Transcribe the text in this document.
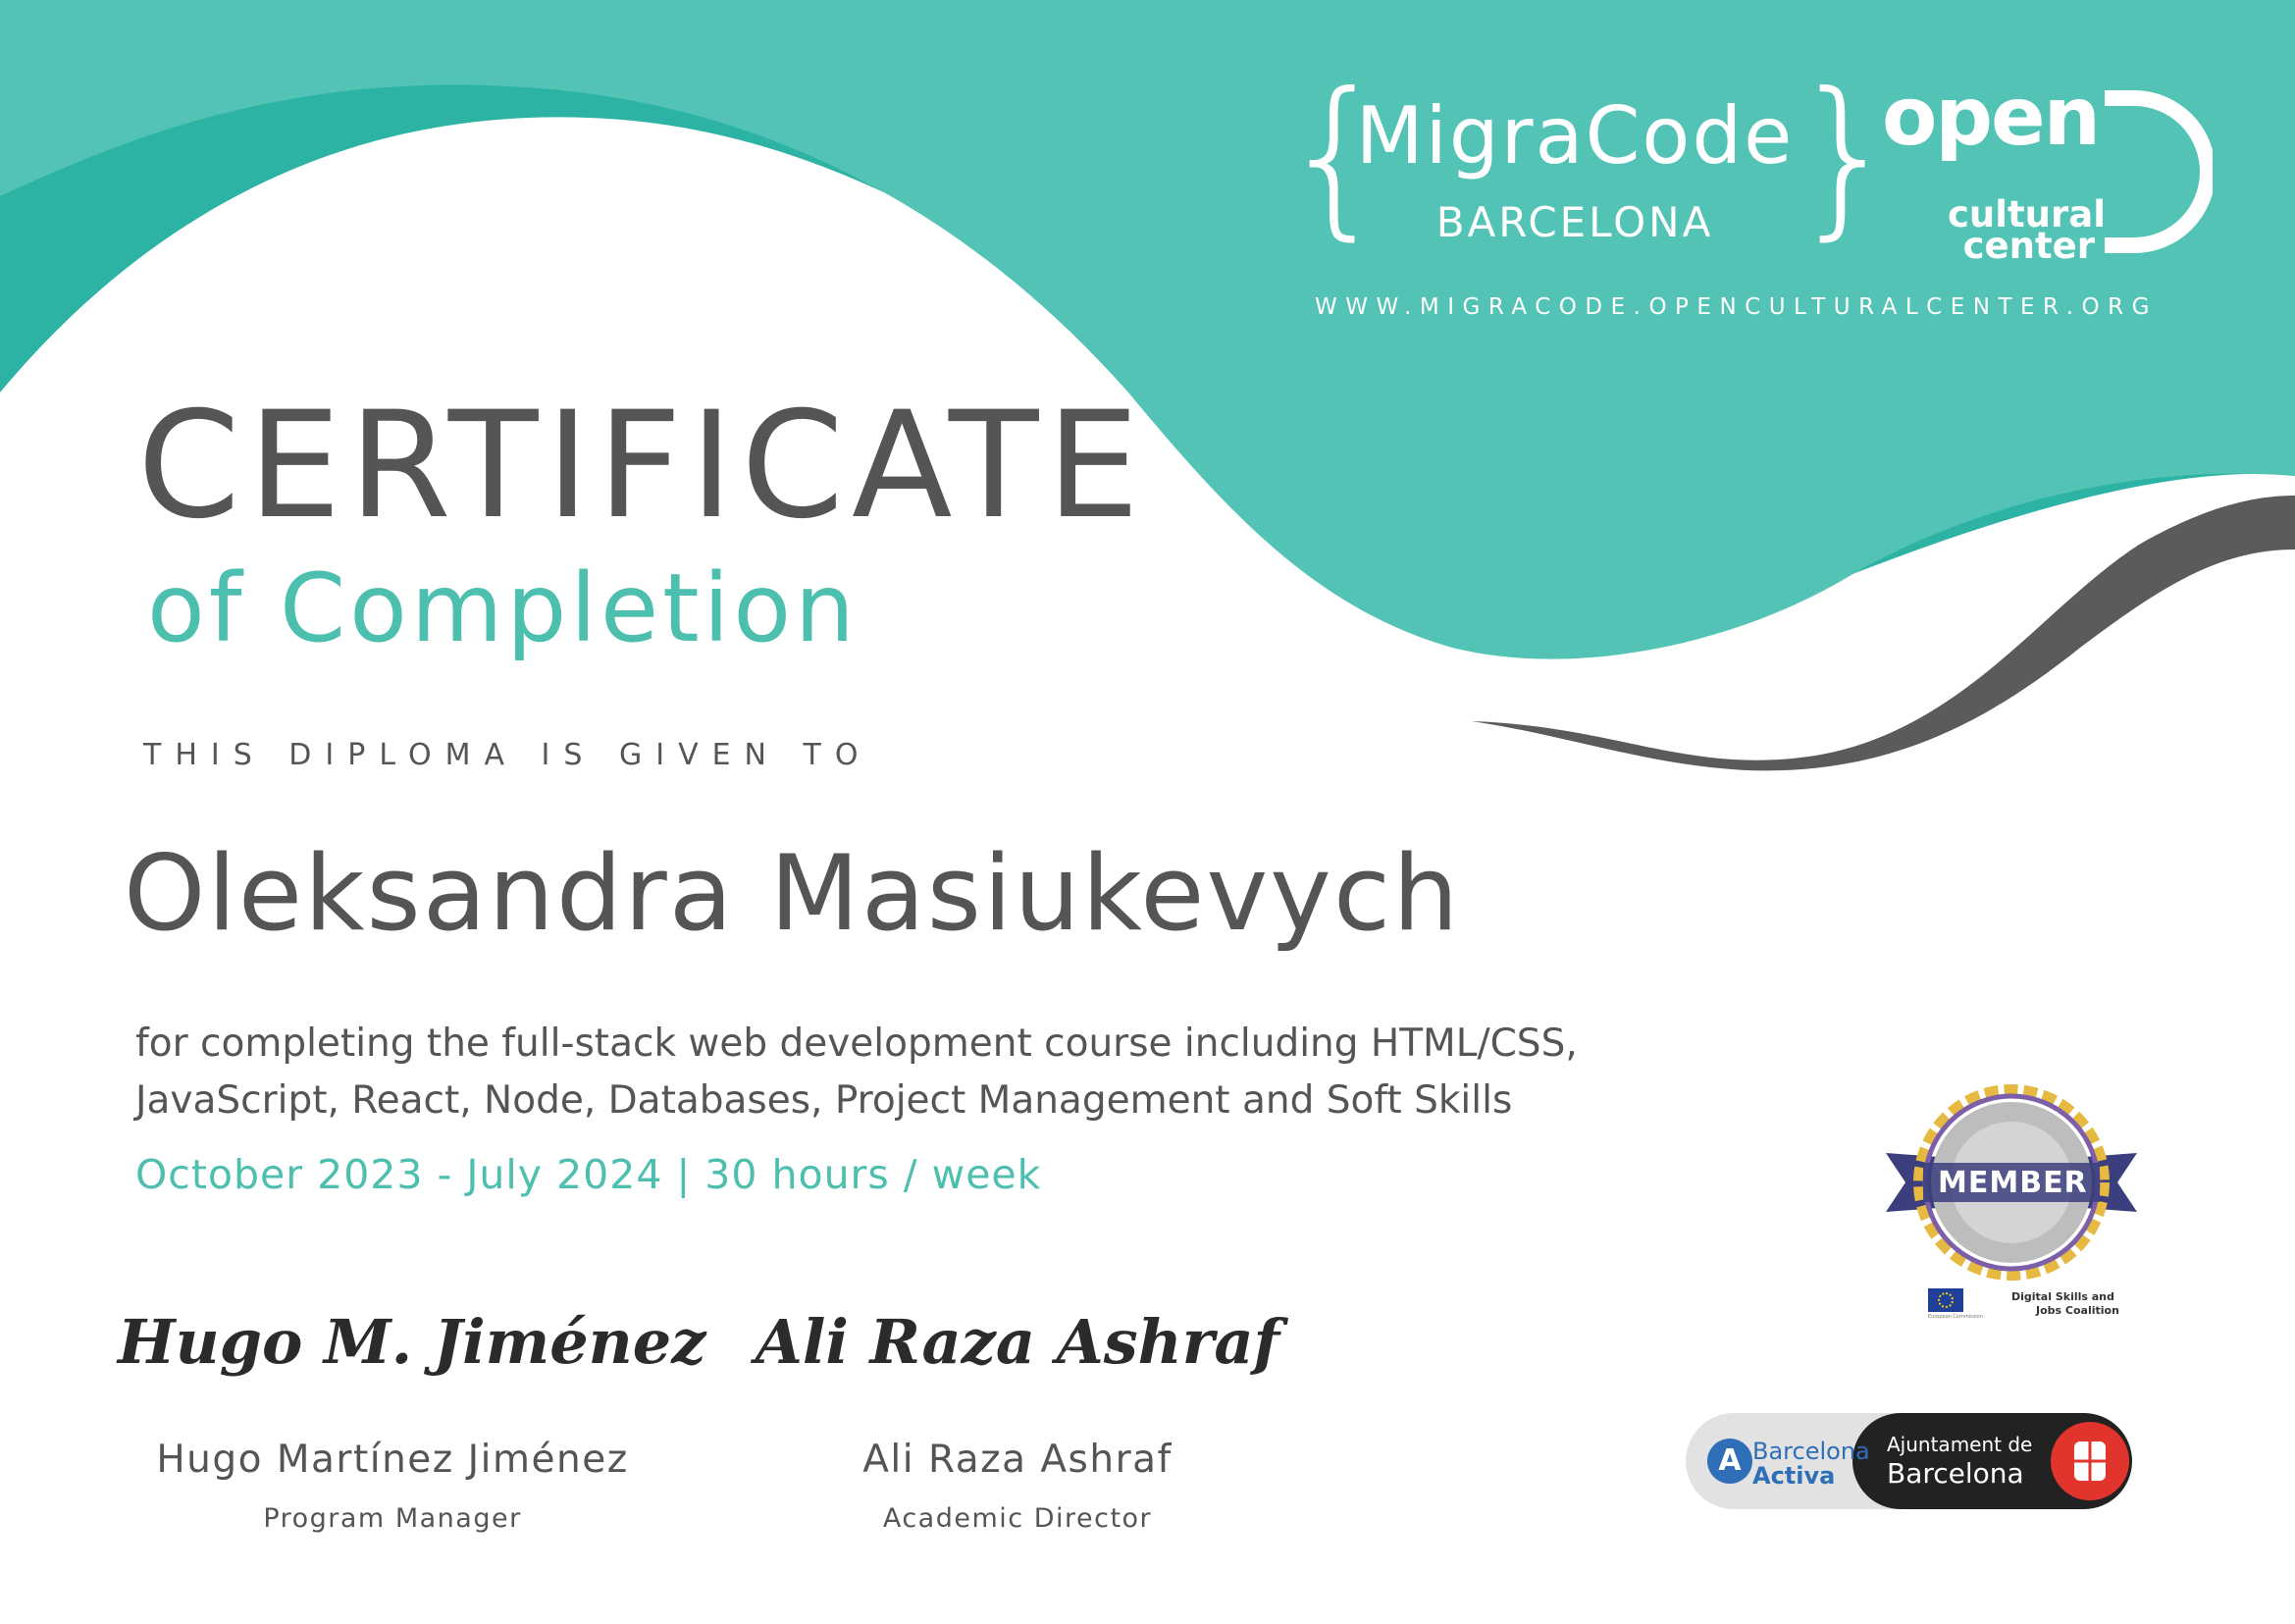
{
MigraCode
BARCELONA }
open
cultural
center
WWW.MIGRACODE.OPENCULTURALCENTER.ORG
CERTIFICATE
of Completion
THIS DIPLOMA IS GIVEN TO
Oleksandra Masiukevych
for completing the full-stack web development course including HTML/CSS, JavaScript, React, Node, Databases, Project Management and Soft Skills
October 2023 - July 2024 | 30 hours / week
Hugo M. Jiménez
Hugo Martínez Jiménez
Program Manager
Ali Raza Ashraf
Ali Raza Ashraf
Academic Director
MEMBER
European Commission
Digital Skills and
Jobs Coalition
A Barcelona
Activa
Ajuntament de
Barcelona
